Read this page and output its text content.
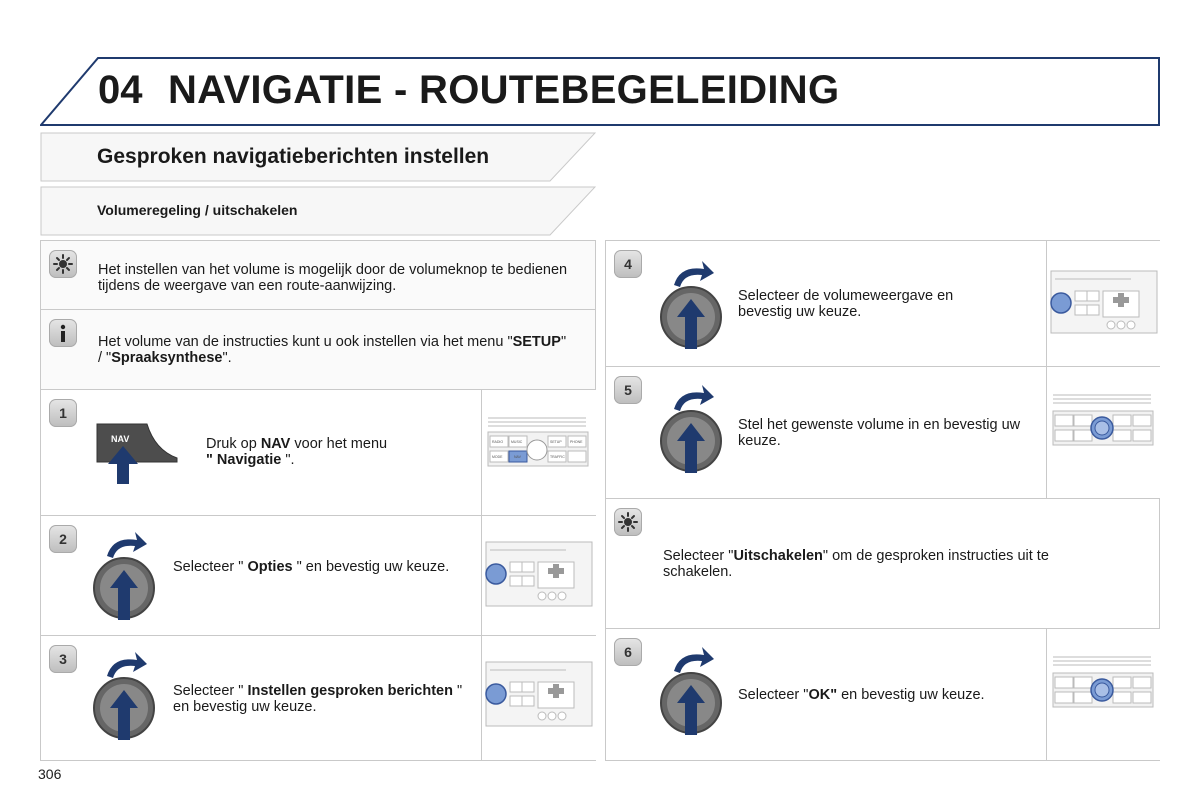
04 NAVIGATIE - ROUTEBEGELEIDING
Gesproken navigatieberichten instellen
Volumeregeling / uitschakelen
Het instellen van het volume is mogelijk door de volumeknop te bedienen tijdens de weergave van een route-aanwijzing.
Het volume van de instructies kunt u ook instellen via het menu "SETUP" / "Spraaksynthese".
1
NAV	Druk op NAV voor het menu
" Navigatie ".
RADIO MUSIC	SETUP PHONE
MODE	NAV	TRAFFIC
2
Selecteer " Opties " en bevestig uw keuze.
3
Selecteer " Instellen gesproken berichten " en bevestig uw keuze.
4
Selecteer de volumeweergave en bevestig uw keuze.
5
Stel het gewenste volume in en bevestig uw keuze.
Selecteer "Uitschakelen" om de gesproken instructies uit te schakelen.
6
Selecteer "OK" en bevestig uw keuze.
306
